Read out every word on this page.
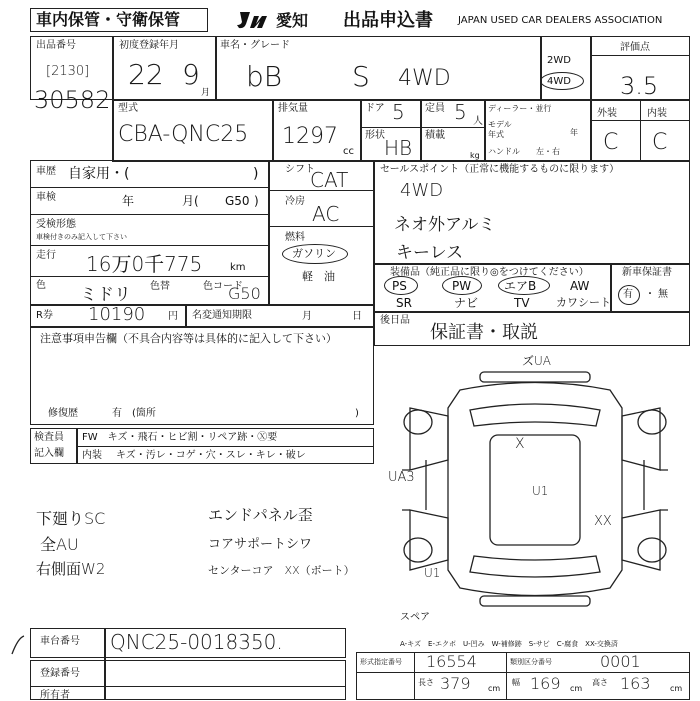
車内保管・守衛保管	愛知 出品申込書	JAPAN USED CAR DEALERS ASSOCIATION
出品番号
[2130]
30582
初度登録年月
22 9
月
車名・グレード
bB S 4WD
2WD
4WD
評価点
3.5
型式
CBA-QNC25
排気量
1297
cc
ドア 5 定員 5 人
形状
HB
積載
kg
ディーラー・並行
モデル
年式	年
ハンドル 左・右
外装	内装
C C
車歴 自家用・(	)
車検	年	月( G50 )
受検形態
車検付きのみ記入して下さい
走行 16万0千775	km
色 ミドリ 色替	色コード
G50
シフト
CAT
冷房
AC
燃料
ガソリン
軽　油
セールスポイント（正常に機能するものに限ります）
4WD
ネオ外アルミ
キーレス
装備品（純正品に限り◎をつけてください）
PS	PW	エアB	AW
SR	ナビ	TV カワシート
新車保証書
有 ・ 無
R券 10190 円 名変通知期限	月	日 後日品
保証書・取説
注意事項申告欄（不具合内容等は具体的に記入して下さい）
修復歴	有　(箇所	)
検査員
記入欄
FW　キズ・飛石・ヒビ割・リペア跡・Ⓧ要
内装 キズ・汚レ・コゲ・穴・スレ・キレ・破レ
下廻りSC	エンドパネル歪
全AU	コアサポートシワ
右側面W2	センターコア　XX（ボート）
ズUA
UA3
X
U1
XX
U1
スペア
A-キズ　E-エクボ　U-凹み　W-補修跡　S-サビ　C-腐食　XX-交換済
車台番号 QNC25-0018350.
登録番号
所有者
形式指定番号 16554	類別区分番号	0001
長さ 379 cm
幅 169 cm
高さ 163 cm
